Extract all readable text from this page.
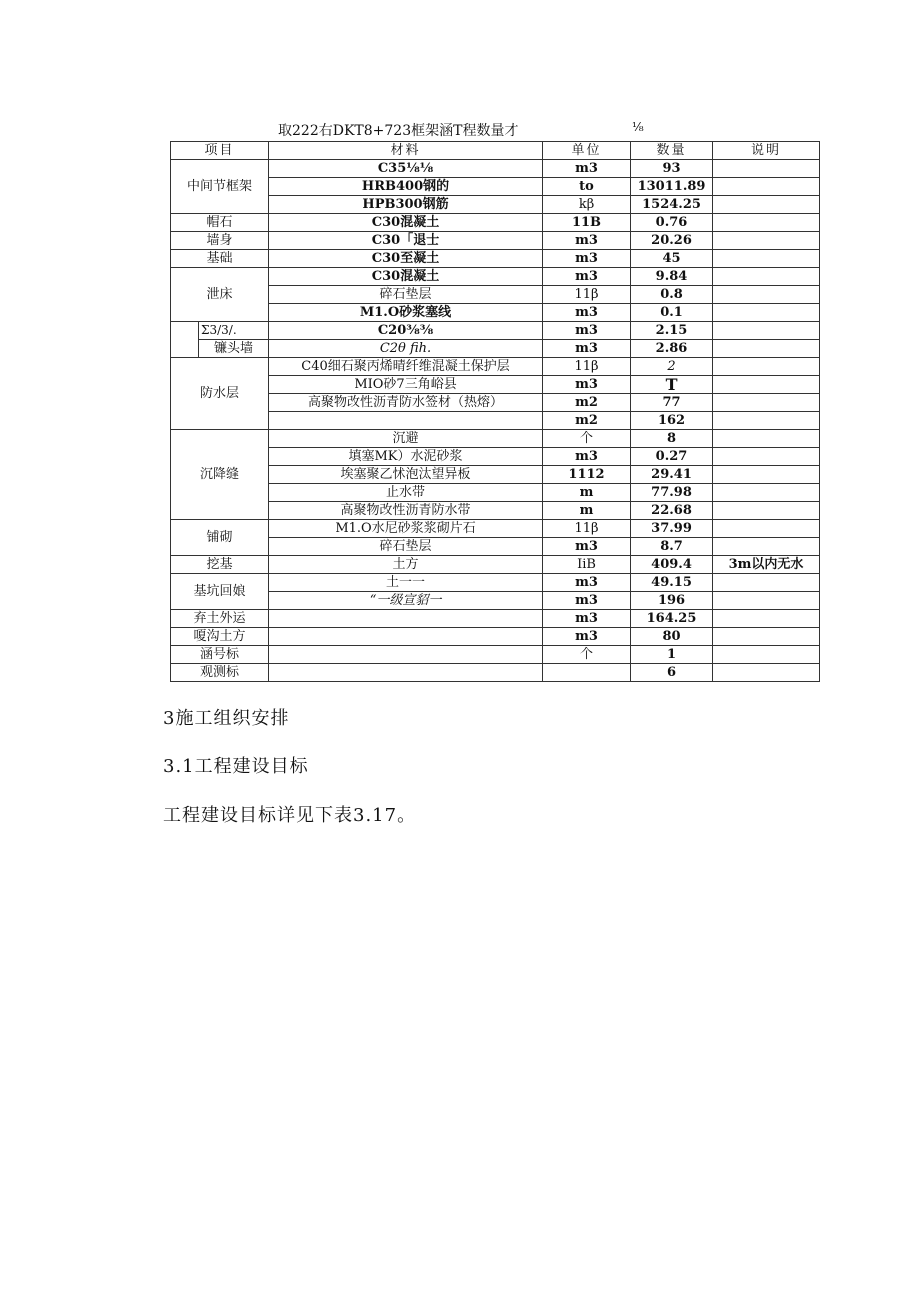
取222右DKT8+723框架涵T程数量才	⅛
项目		材料	单位	数量	说明
中间节框架		C35⅛⅛	m3	93	
		HRB400钢的	to	13011.89	
		HPB300钢筋	kβ	1524.25	
帽石		C30混凝土	11B	0.76	
墙身		C30「退士	m3	20.26	
基础		C30至凝土	m3	45	
泄床		C30混凝土	m3	9.84	
		碎石垫层	11β	0.8	
		M1.O砂浆塞线	m3	0.1	
	Σ3/3/.	C20⅜⅜	m3	2.15	
	镰头墙	C2θ fih.	m3	2.86	
防水层		C40细石聚丙烯晴纤维混凝土保护层	11β	2	
		MIO砂7三角峪县	m3	T	
		高聚物改性沥青防水签材（热熔）	m2	77	
			m2	162	
沉降缝		沉避	个	8	
		填塞MK）水泥砂浆	m3	0.27	
		埃塞聚乙怵泡汰望异板	1112	29.41	
		止水带	m	77.98	
		高聚物改性沥青防水带	m	22.68	
铺砌		M1.O水尼砂浆浆砌片石	11β	37.99	
		碎石垫层	m3	8.7	
挖基		土方	IiB	409.4	3m以内无水
基坑回娘		土一一	m3	49.15	
		“一级宣貂一	m3	196	
弃土外运			m3	164.25	
嗄沟土方			m3	80	
涵号标			个	1	
观测标				6	
3施工组织安排
3.1工程建设目标
工程建设目标详见下表3.17。
